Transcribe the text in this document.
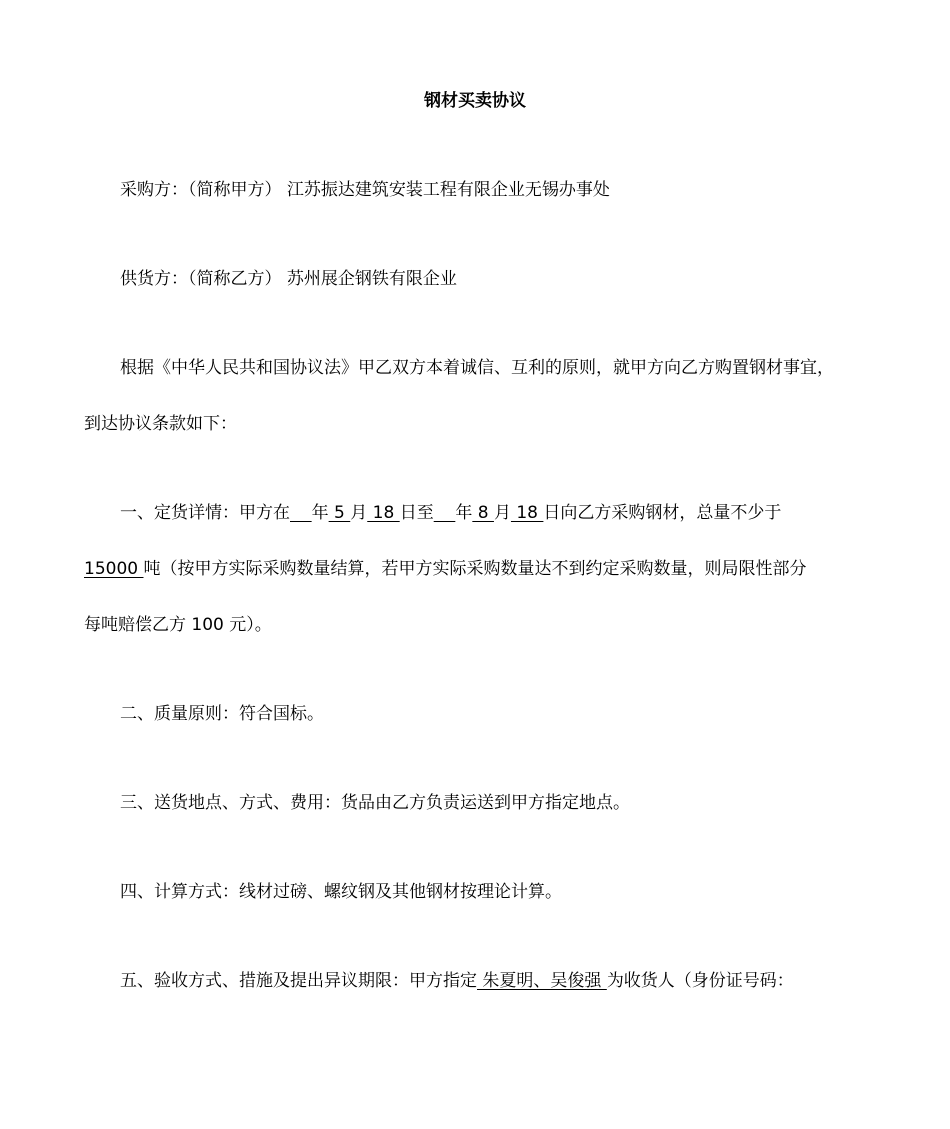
钢材买卖协议
采购方：（简称甲方） 江苏振达建筑安装工程有限企业无锡办事处
供货方：（简称乙方） 苏州展企钢铁有限企业
根据《中华人民共和国协议法》甲乙双方本着诚信、互利的原则，就甲方向乙方购置钢材事宜，
到达协议条款如下：
一、定货详情：甲方在 年 5 月 18 日至 年 8 月 18 日向乙方采购钢材，总量不少于
15000 吨（按甲方实际采购数量结算，若甲方实际采购数量达不到约定采购数量，则局限性部分
每吨赔偿乙方 100 元）。
二、质量原则：符合国标。
三、送货地点、方式、费用：货品由乙方负责运送到甲方指定地点。
四、计算方式：线材过磅、螺纹钢及其他钢材按理论计算。
五、验收方式、措施及提出异议期限：甲方指定 朱夏明、吴俊强 为收货人（身份证号码：
